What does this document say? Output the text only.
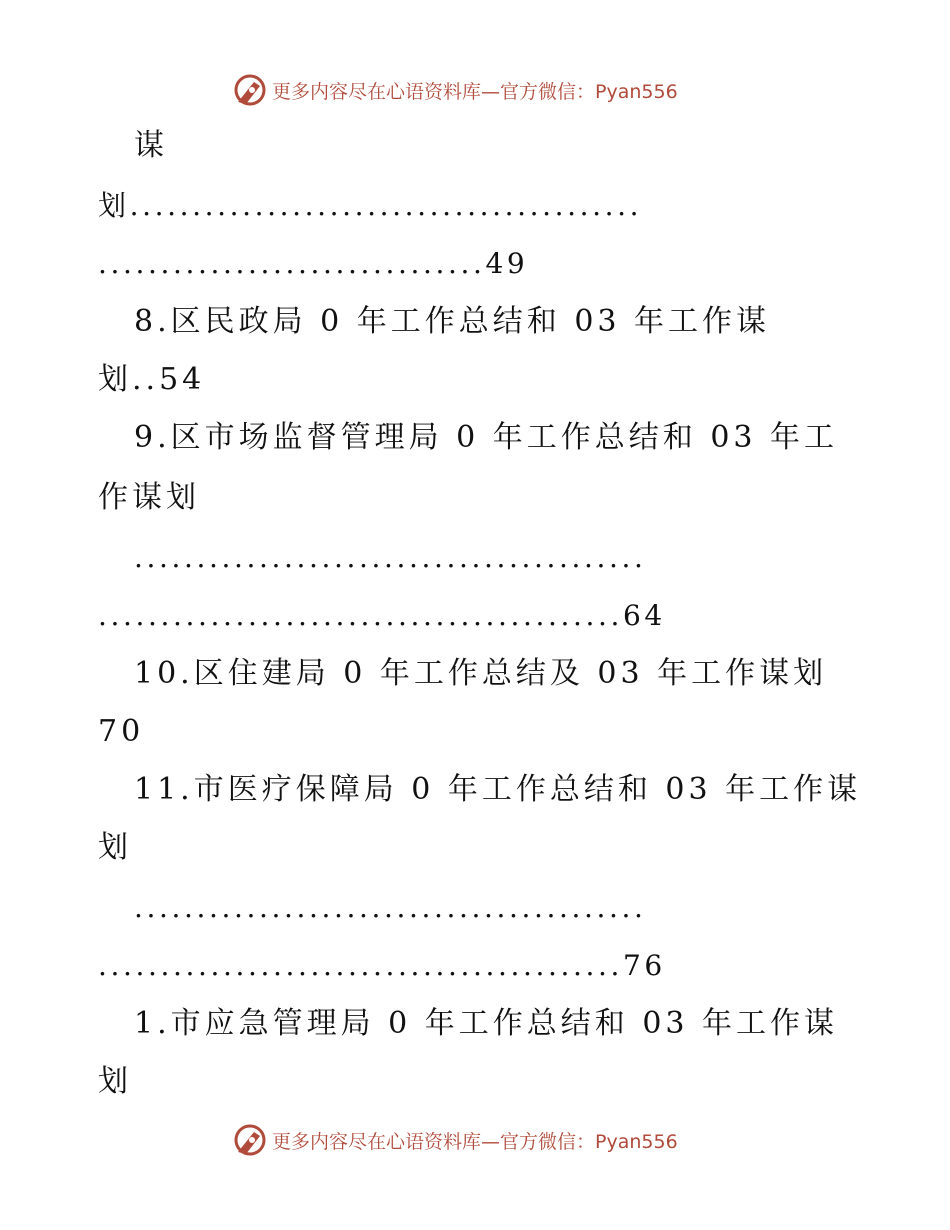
更多内容尽在心语资料库—官方微信：Pyan556
谋
划.........................................
...............................49
8.区民政局 0 年工作总结和 03 年工作谋
划..54
9.区市场监督管理局 0 年工作总结和 03 年工
作谋划
.........................................
..........................................64
10.区住建局 0 年工作总结及 03 年工作谋划
70
11.市医疗保障局 0 年工作总结和 03 年工作谋
划
.........................................
..........................................76
1.市应急管理局 0 年工作总结和 03 年工作谋
划
更多内容尽在心语资料库—官方微信：Pyan556
